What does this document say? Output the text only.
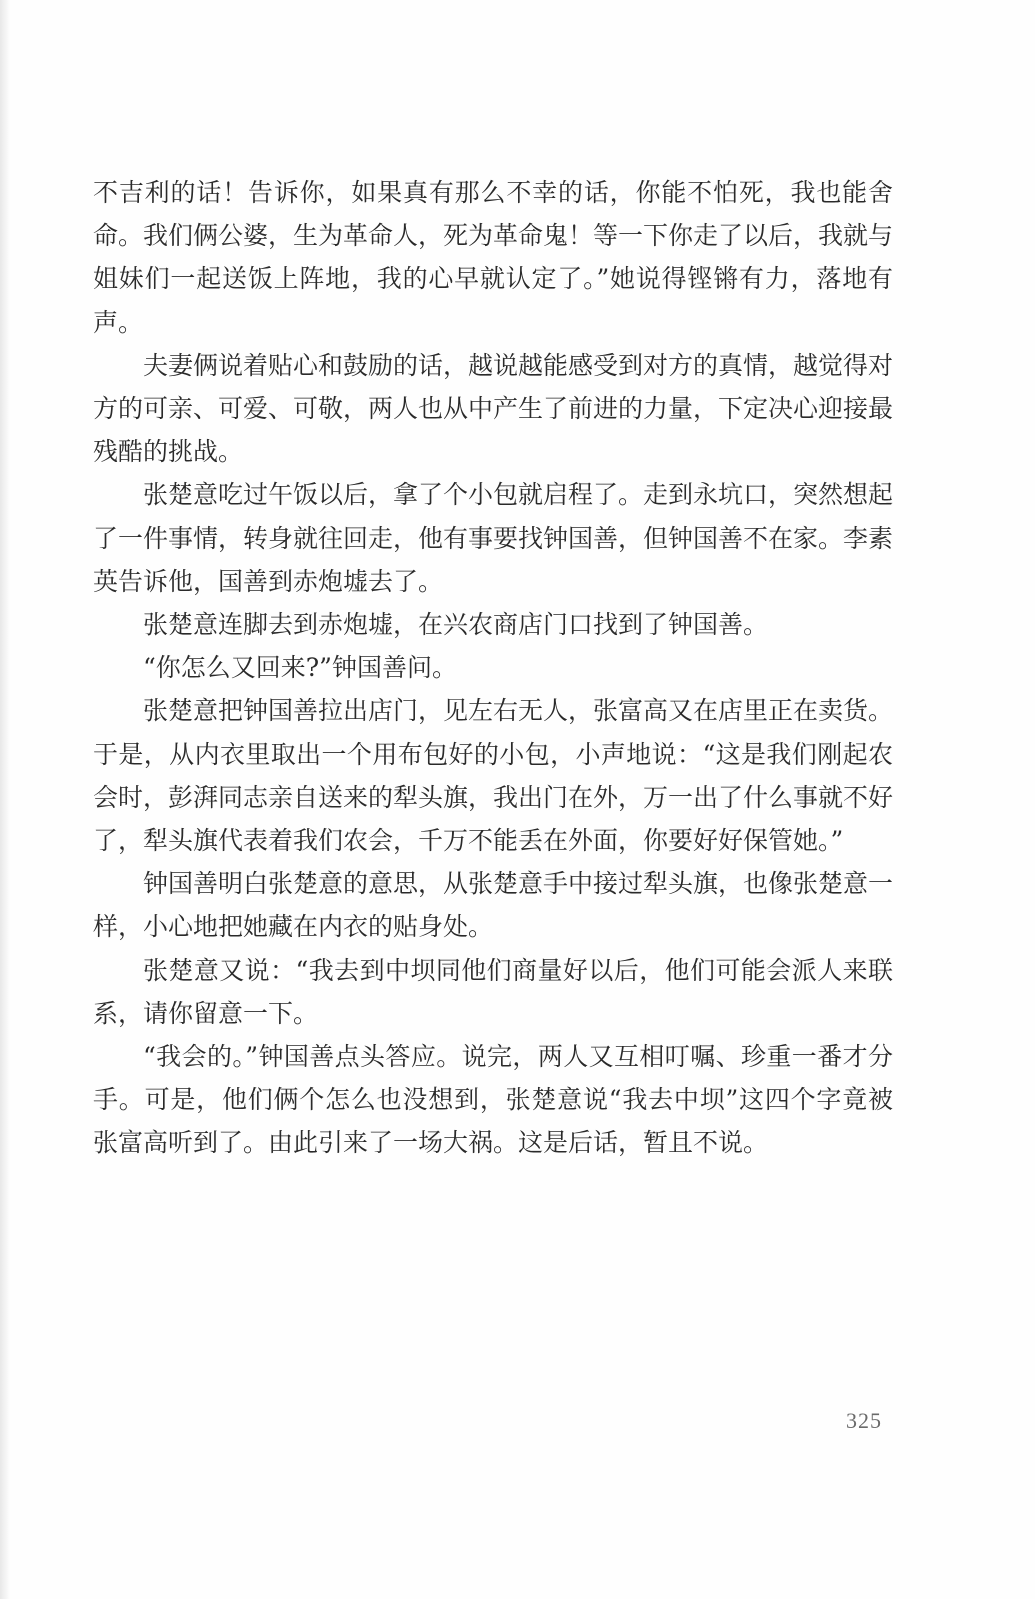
不吉利的话！告诉你，如果真有那么不幸的话，你能不怕死，我也能舍命。我们俩公婆，生为革命人，死为革命鬼！等一下你走了以后，我就与姐妹们一起送饭上阵地，我的心早就认定了。”她说得铿锵有力，落地有声。

夫妻俩说着贴心和鼓励的话，越说越能感受到对方的真情，越觉得对方的可亲、可爱、可敬，两人也从中产生了前进的力量，下定决心迎接最残酷的挑战。

张楚意吃过午饭以后，拿了个小包就启程了。走到永坑口，突然想起了一件事情，转身就往回走，他有事要找钟国善，但钟国善不在家。李素英告诉他，国善到赤炮墟去了。

张楚意连脚去到赤炮墟，在兴农商店门口找到了钟国善。

“你怎么又回来?”钟国善问。

张楚意把钟国善拉出店门，见左右无人，张富高又在店里正在卖货。于是，从内衣里取出一个用布包好的小包，小声地说：“这是我们刚起农会时，彭湃同志亲自送来的犁头旗，我出门在外，万一出了什么事就不好了，犁头旗代表着我们农会，千万不能丢在外面，你要好好保管她。”

钟国善明白张楚意的意思，从张楚意手中接过犁头旗，也像张楚意一样，小心地把她藏在内衣的贴身处。

张楚意又说：“我去到中坝同他们商量好以后，他们可能会派人来联系，请你留意一下。

“我会的。”钟国善点头答应。说完，两人又互相叮嘱、珍重一番才分手。可是，他们俩个怎么也没想到，张楚意说“我去中坝”这四个字竟被张富高听到了。由此引来了一场大祸。这是后话，暂且不说。

325
